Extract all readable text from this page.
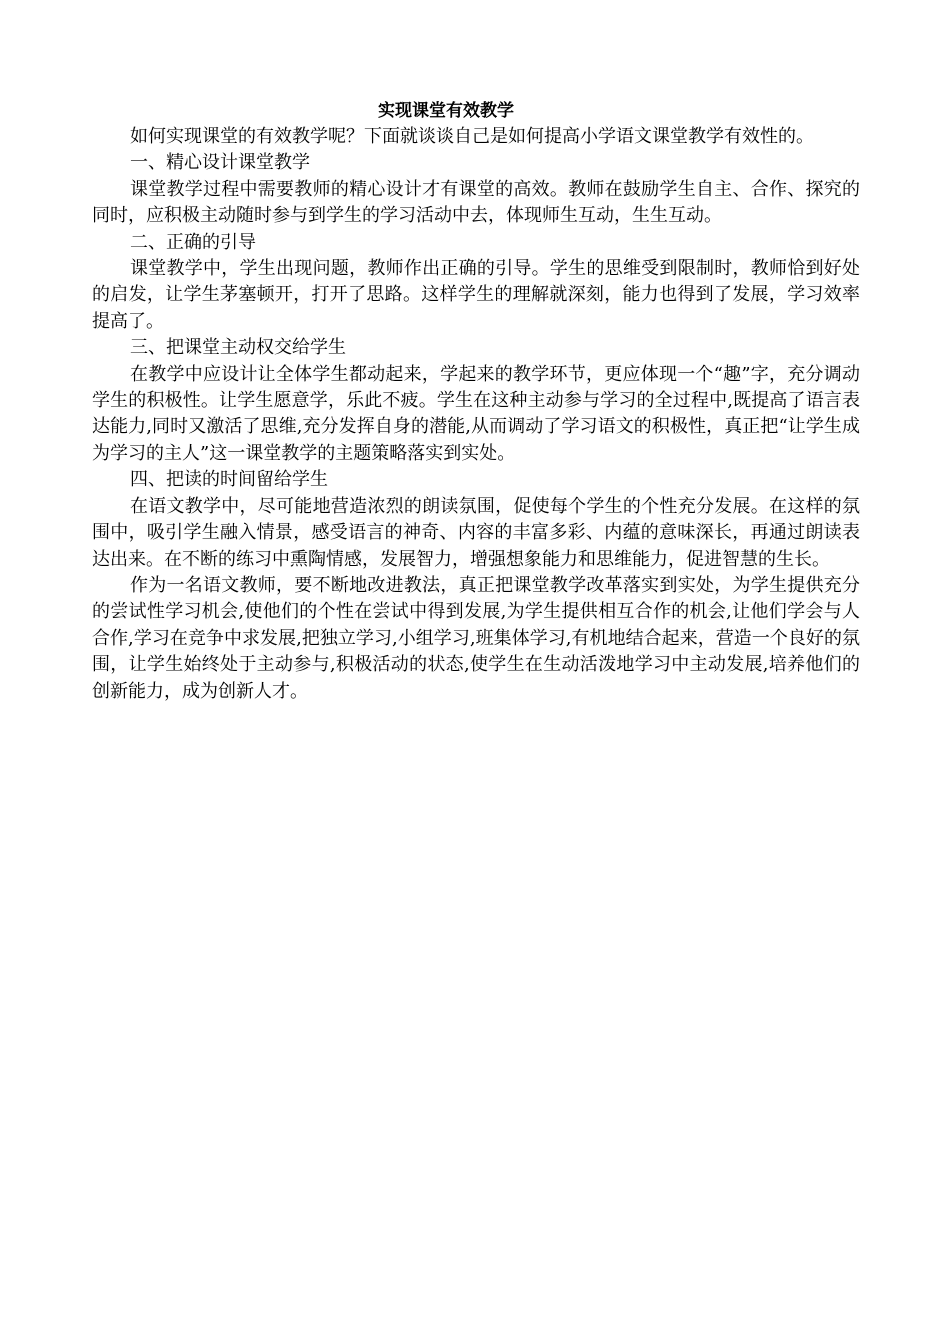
实现课堂有效教学

如何实现课堂的有效教学呢？下面就谈谈自己是如何提高小学语文课堂教学有效性的。

一、精心设计课堂教学

课堂教学过程中需要教师的精心设计才有课堂的高效。教师在鼓励学生自主、合作、探究的同时，应积极主动随时参与到学生的学习活动中去，体现师生互动，生生互动。

二、正确的引导

课堂教学中，学生出现问题，教师作出正确的引导。学生的思维受到限制时，教师恰到好处的启发，让学生茅塞顿开，打开了思路。这样学生的理解就深刻，能力也得到了发展，学习效率提高了。

三、把课堂主动权交给学生

在教学中应设计让全体学生都动起来，学起来的教学环节，更应体现一个“趣”字，充分调动学生的积极性。让学生愿意学，乐此不疲。学生在这种主动参与学习的全过程中,既提高了语言表达能力,同时又激活了思维,充分发挥自身的潜能,从而调动了学习语文的积极性，真正把“让学生成为学习的主人”这一课堂教学的主题策略落实到实处。

四、把读的时间留给学生

在语文教学中，尽可能地营造浓烈的朗读氛围，促使每个学生的个性充分发展。在这样的氛围中，吸引学生融入情景，感受语言的神奇、内容的丰富多彩、内蕴的意味深长，再通过朗读表达出来。在不断的练习中熏陶情感，发展智力，增强想象能力和思维能力，促进智慧的生长。

作为一名语文教师，要不断地改进教法，真正把课堂教学改革落实到实处，为学生提供充分的尝试性学习机会,使他们的个性在尝试中得到发展,为学生提供相互合作的机会,让他们学会与人合作,学习在竞争中求发展,把独立学习,小组学习,班集体学习,有机地结合起来，营造一个良好的氛围，让学生始终处于主动参与,积极活动的状态,使学生在生动活泼地学习中主动发展,培养他们的创新能力，成为创新人才。
